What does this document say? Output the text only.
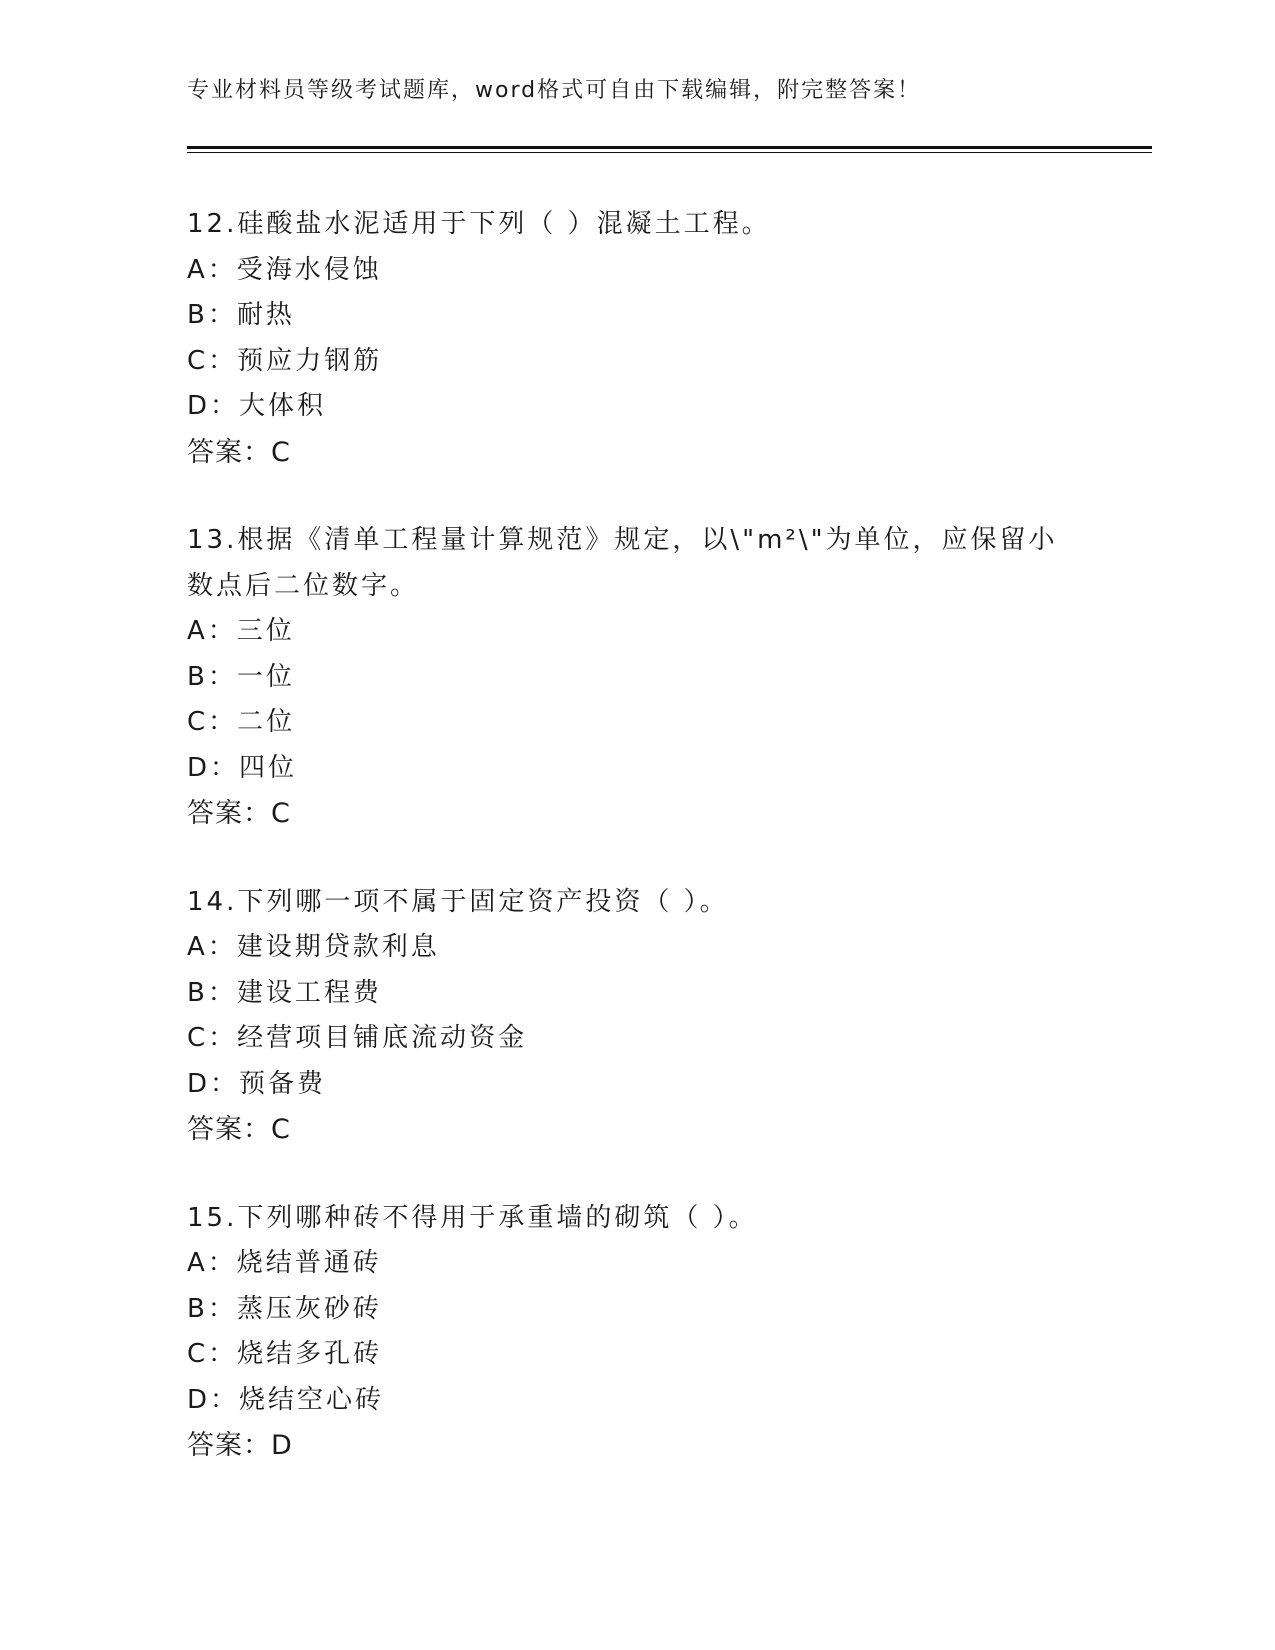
专业材料员等级考试题库，word格式可自由下载编辑，附完整答案！

12.硅酸盐水泥适用于下列（ ）混凝土工程。

A：受海水侵蚀

B：耐热

C：预应力钢筋

D：大体积

答案：C

13.根据《清单工程量计算规范》规定，以\"m²\"为单位，应保留小数点后二位数字。

A：三位

B：一位

C：二位

D：四位

答案：C

14.下列哪一项不属于固定资产投资（ ）。

A：建设期贷款利息

B：建设工程费

C：经营项目铺底流动资金

D：预备费

答案：C

15.下列哪种砖不得用于承重墙的砌筑（ ）。

A：烧结普通砖

B：蒸压灰砂砖

C：烧结多孔砖

D：烧结空心砖

答案：D
